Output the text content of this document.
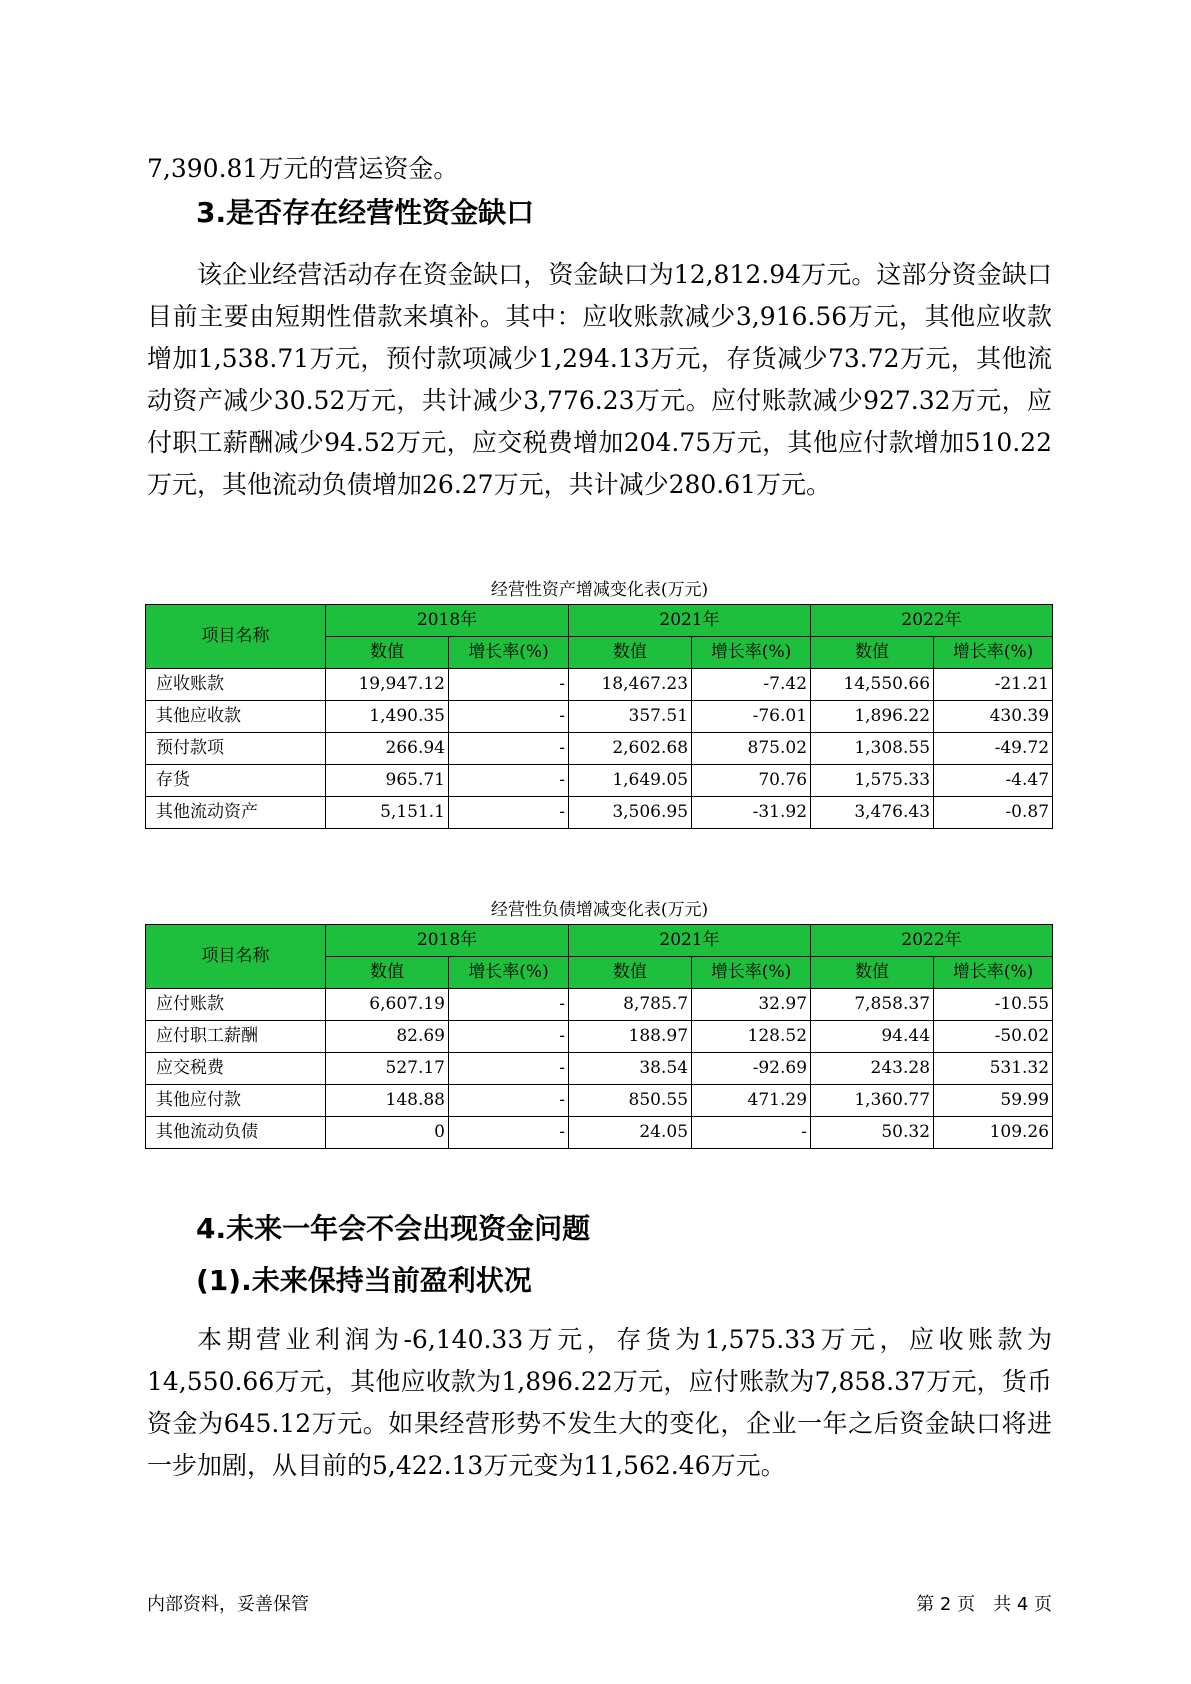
7,390.81万元的营运资金。

3.是否存在经营性资金缺口

该企业经营活动存在资金缺口，资金缺口为12,812.94万元。这部分资金缺口目前主要由短期性借款来填补。其中：应收账款减少3,916.56万元，其他应收款增加1,538.71万元，预付款项减少1,294.13万元，存货减少73.72万元，其他流动资产减少30.52万元，共计减少3,776.23万元。应付账款减少927.32万元，应付职工薪酬减少94.52万元，应交税费增加204.75万元，其他应付款增加510.22万元，其他流动负债增加26.27万元，共计减少280.61万元。

经营性资产增减变化表(万元)

项目名称	2018年		2021年		2022年	
	数值	增长率(%)	数值	增长率(%)	数值	增长率(%)
应收账款	19,947.12	-	18,467.23	-7.42	14,550.66	-21.21
其他应收款	1,490.35	-	357.51	-76.01	1,896.22	430.39
预付款项	266.94	-	2,602.68	875.02	1,308.55	-49.72
存货	965.71	-	1,649.05	70.76	1,575.33	-4.47
其他流动资产	5,151.1	-	3,506.95	-31.92	3,476.43	-0.87

经营性负债增减变化表(万元)

项目名称	2018年		2021年		2022年	
	数值	增长率(%)	数值	增长率(%)	数值	增长率(%)
应付账款	6,607.19	-	8,785.7	32.97	7,858.37	-10.55
应付职工薪酬	82.69	-	188.97	128.52	94.44	-50.02
应交税费	527.17	-	38.54	-92.69	243.28	531.32
其他应付款	148.88	-	850.55	471.29	1,360.77	59.99
其他流动负债	0	-	24.05	-	50.32	109.26
4.未来一年会不会出现资金问题
(1).未来保持当前盈利状况

本期营业利润为-6,140.33万元，存货为1,575.33万元，应收账款为14,550.66万元，其他应收款为1,896.22万元，应付账款为7,858.37万元，货币资金为645.12万元。如果经营形势不发生大的变化，企业一年之后资金缺口将进一步加剧，从目前的5,422.13万元变为11,562.46万元。

内部资料，妥善保管	第 2 页　共 4 页
